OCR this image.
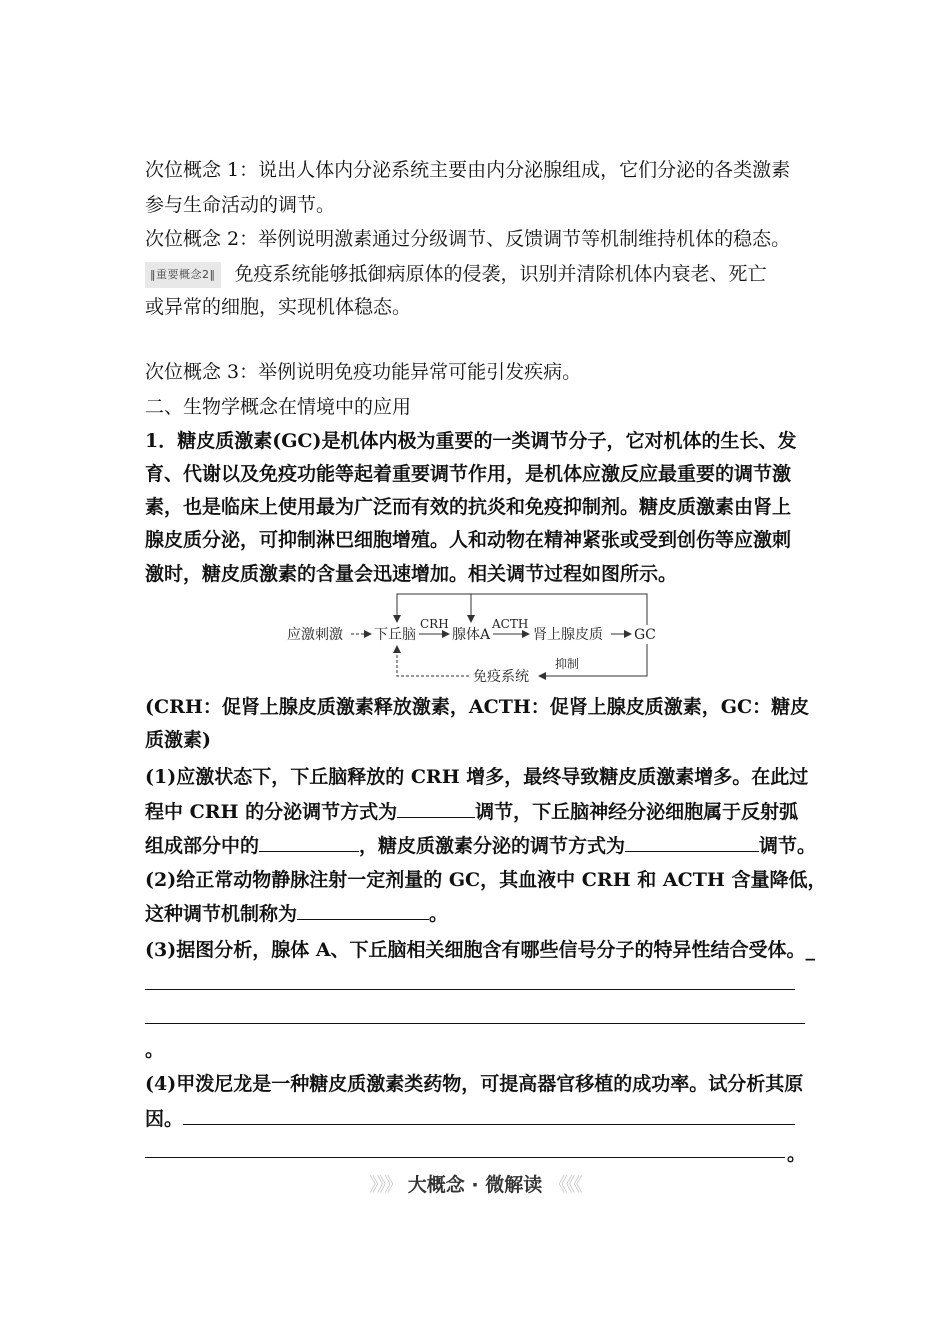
次位概念 1：说出人体内分泌系统主要由内分泌腺组成，它们分泌的各类激素
参与生命活动的调节。
次位概念 2：举例说明激素通过分级调节、反馈调节等机制维持机体的稳态。
‖重要概念2‖ 免疫系统能够抵御病原体的侵袭，识别并清除机体内衰老、死亡
或异常的细胞，实现机体稳态。
次位概念 3：举例说明免疫功能异常可能引发疾病。
二、生物学概念在情境中的应用
1．糖皮质激素(GC)是机体内极为重要的一类调节分子，它对机体的生长、发
育、代谢以及免疫功能等起着重要调节作用，是机体应激反应最重要的调节激
素，也是临床上使用最为广泛而有效的抗炎和免疫抑制剂。糖皮质激素由肾上
腺皮质分泌，可抑制淋巴细胞增殖。人和动物在精神紧张或受到创伤等应激刺
激时，糖皮质激素的含量会迅速增加。相关调节过程如图所示。
应激刺激 下丘脑
CRH
腺体A
ACTH
肾上腺皮质 GC
抑制
免疫系统
(CRH：促肾上腺皮质激素释放激素，ACTH：促肾上腺皮质激素，GC：糖皮
质激素)
(1)应激状态下，下丘脑释放的 CRH 增多，最终导致糖皮质激素增多。在此过
程中 CRH 的分泌调节方式为	调节，下丘脑神经分泌细胞属于反射弧
组成部分中的	，糖皮质激素分泌的调节方式为	调节。
(2)给正常动物静脉注射一定剂量的 GC，其血液中 CRH 和 ACTH 含量降低，
这种调节机制称为	。
(3)据图分析，腺体 A、下丘脑相关细胞含有哪些信号分子的特异性结合受体。_
。
(4)甲泼尼龙是一种糖皮质激素类药物，可提高器官移植的成功率。试分析其原
因。
。
》》》 大概念 · 微解读 《《《
